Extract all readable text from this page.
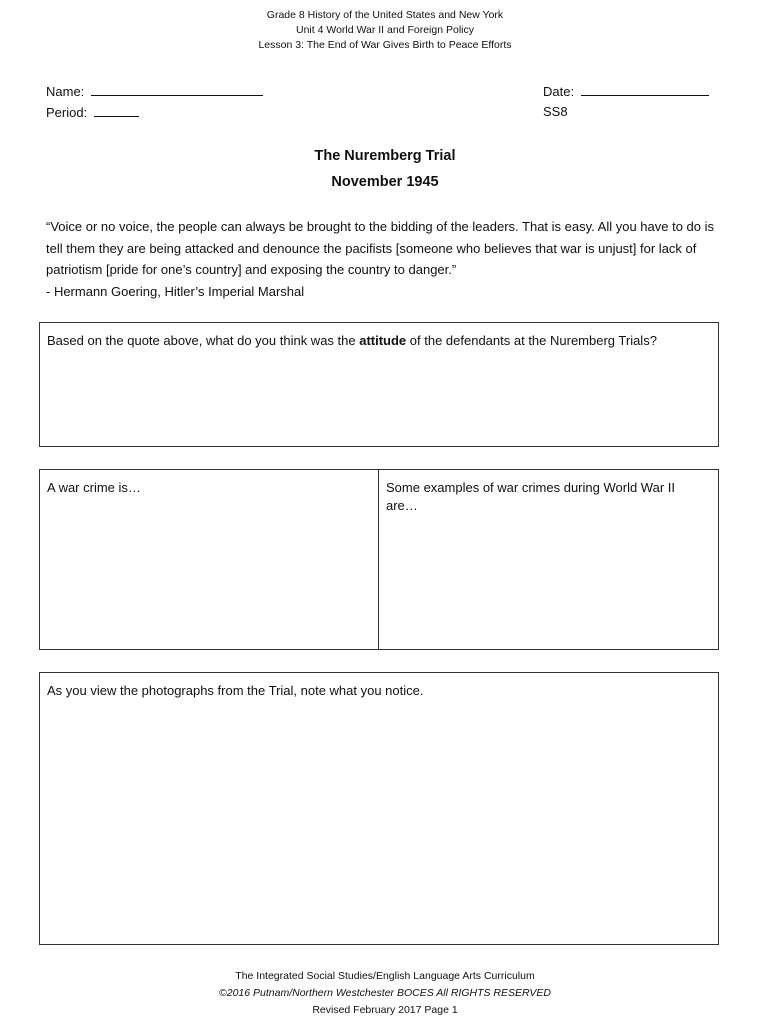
Grade 8 History of the United States and New York
Unit 4 World War II and Foreign Policy
Lesson 3: The End of War Gives Birth to Peace Efforts
Name:
Period:
Date:
SS8
The Nuremberg Trial
November 1945

“Voice or no voice, the people can always be brought to the bidding of the leaders. That is easy. All you have to do is tell them they are being attacked and denounce the pacifists [someone who believes that war is unjust] for lack of patriotism [pride for one’s country] and exposing the country to danger.”

- Hermann Goering, Hitler’s Imperial Marshal

Based on the quote above, what do you think was the attitude of the defendants at the Nuremberg Trials?
A war crime is…	Some examples of war crimes during World War II are…
As you view the photographs from the Trial, note what you notice.
The Integrated Social Studies/English Language Arts Curriculum
©2016 Putnam/Northern Westchester BOCES All RIGHTS RESERVED
Revised February 2017 Page 1
